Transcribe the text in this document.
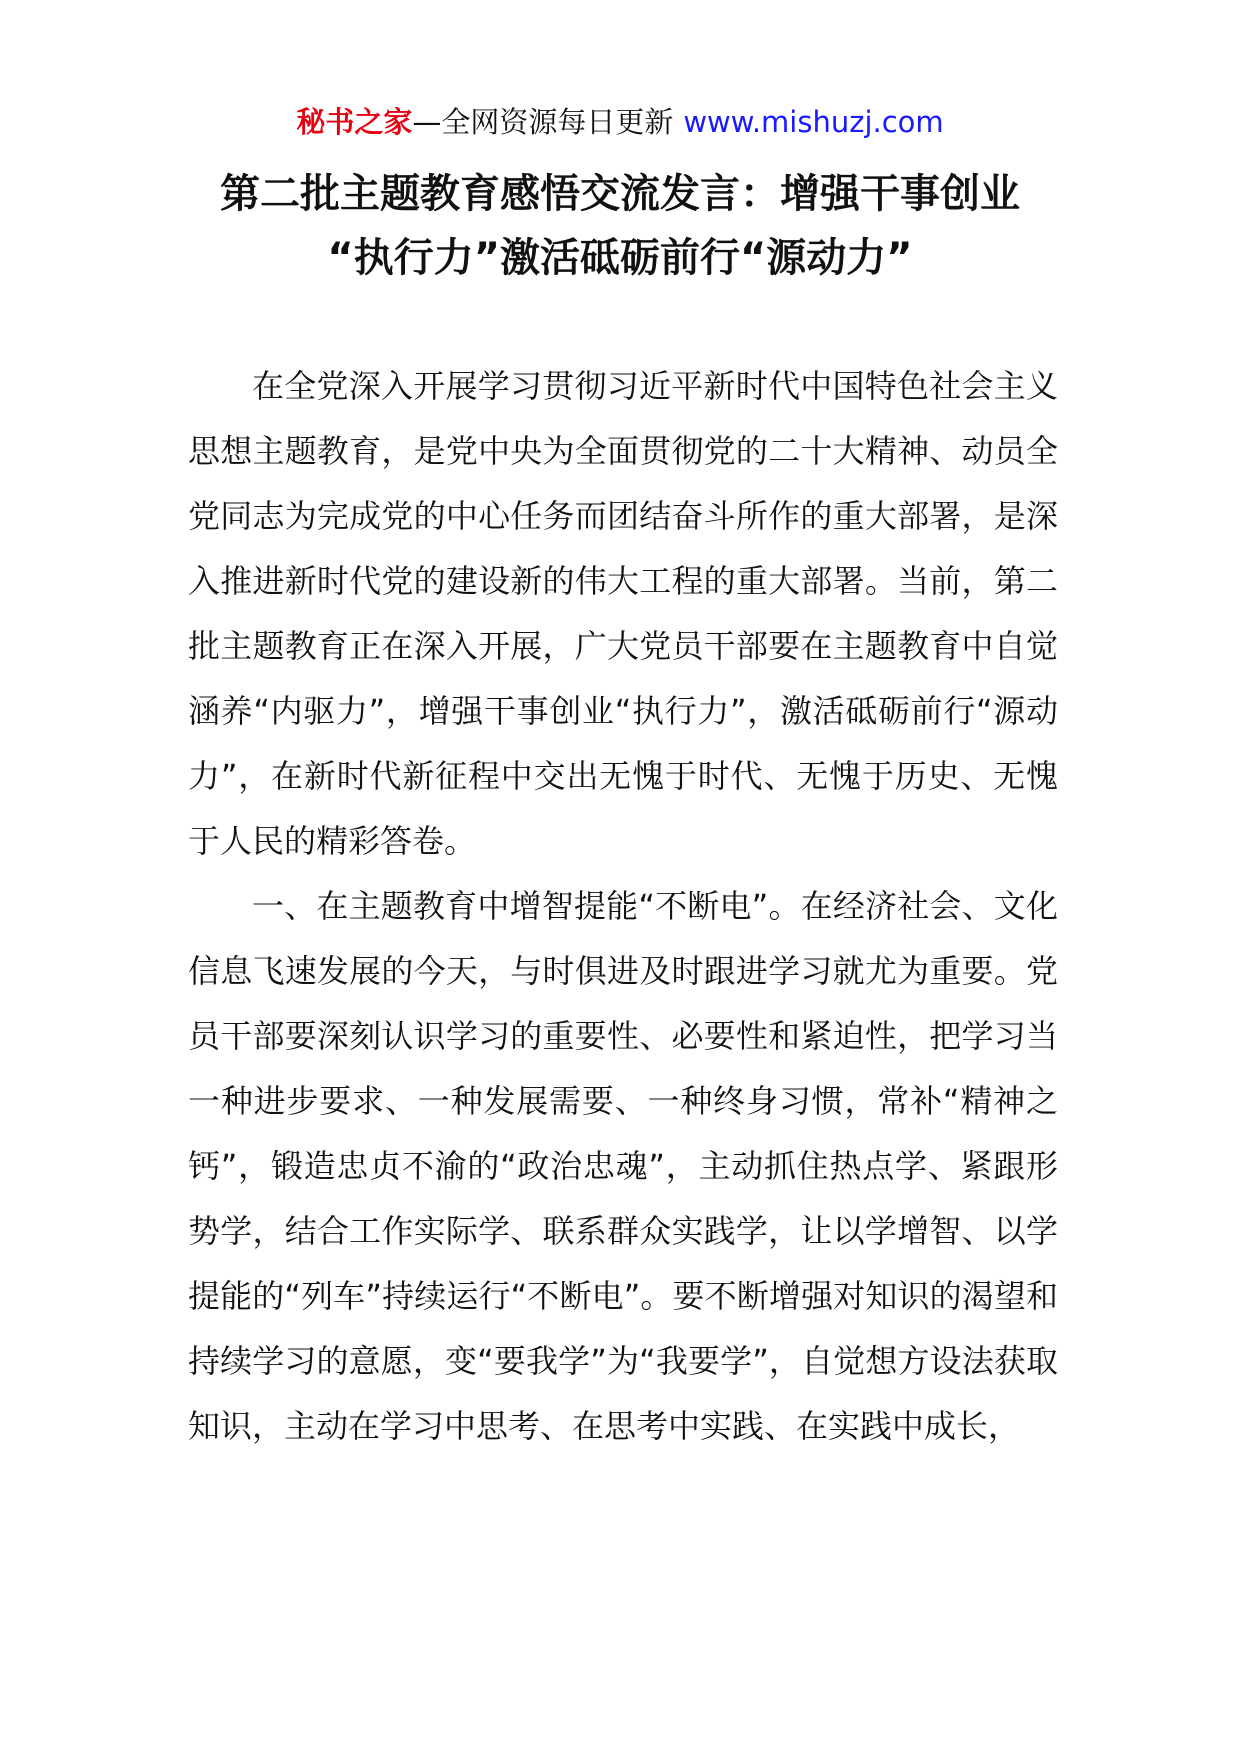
秘书之家—全网资源每日更新 www.mishuzj.com
第二批主题教育感悟交流发言：增强干事创业
“执行力”激活砥砺前行“源动力”

在全党深入开展学习贯彻习近平新时代中国特色社会主义思想主题教育，是党中央为全面贯彻党的二十大精神、动员全党同志为完成党的中心任务而团结奋斗所作的重大部署，是深入推进新时代党的建设新的伟大工程的重大部署。当前，第二批主题教育正在深入开展，广大党员干部要在主题教育中自觉涵养“内驱力”，增强干事创业“执行力”，激活砥砺前行“源动力”，在新时代新征程中交出无愧于时代、无愧于历史、无愧于人民的精彩答卷。

一、在主题教育中增智提能“不断电”。在经济社会、文化信息飞速发展的今天，与时俱进及时跟进学习就尤为重要。党员干部要深刻认识学习的重要性、必要性和紧迫性，把学习当一种进步要求、一种发展需要、一种终身习惯，常补“精神之钙”，锻造忠贞不渝的“政治忠魂”，主动抓住热点学、紧跟形势学，结合工作实际学、联系群众实践学，让以学增智、以学提能的“列车”持续运行“不断电”。要不断增强对知识的渴望和持续学习的意愿，变“要我学”为“我要学”，自觉想方设法获取知识，主动在学习中思考、在思考中实践、在实践中成长，
